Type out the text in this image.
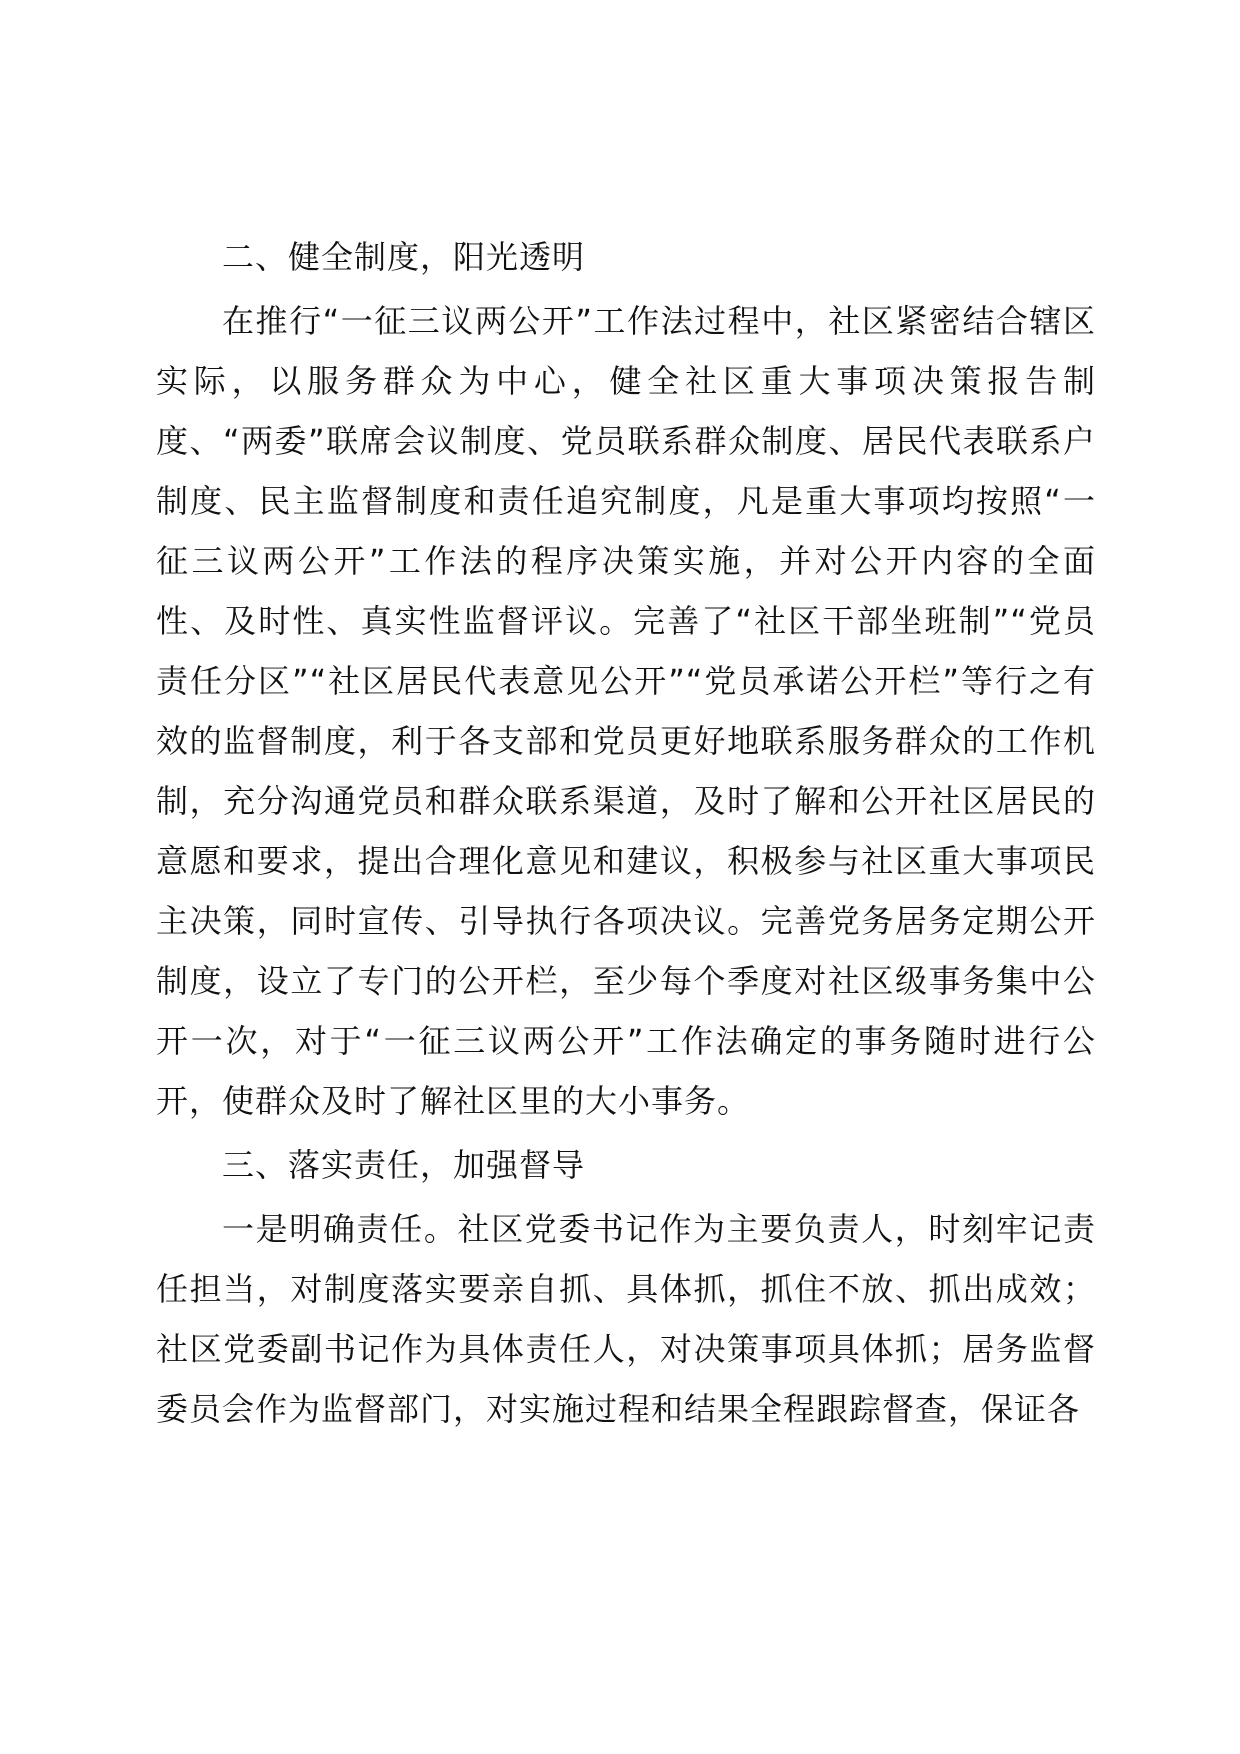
二、健全制度，阳光透明

在推行“一征三议两公开”工作法过程中，社区紧密结合辖区实际，以服务群众为中心，健全社区重大事项决策报告制度、“两委”联席会议制度、党员联系群众制度、居民代表联系户制度、民主监督制度和责任追究制度，凡是重大事项均按照“一征三议两公开”工作法的程序决策实施，并对公开内容的全面性、及时性、真实性监督评议。完善了“社区干部坐班制”“党员责任分区”“社区居民代表意见公开”“党员承诺公开栏”等行之有效的监督制度，利于各支部和党员更好地联系服务群众的工作机制，充分沟通党员和群众联系渠道，及时了解和公开社区居民的意愿和要求，提出合理化意见和建议，积极参与社区重大事项民主决策，同时宣传、引导执行各项决议。完善党务居务定期公开制度，设立了专门的公开栏，至少每个季度对社区级事务集中公开一次，对于“一征三议两公开”工作法确定的事务随时进行公开，使群众及时了解社区里的大小事务。

三、落实责任，加强督导

一是明确责任。社区党委书记作为主要负责人，时刻牢记责任担当，对制度落实要亲自抓、具体抓，抓住不放、抓出成效；社区党委副书记作为具体责任人，对决策事项具体抓；居务监督委员会作为监督部门，对实施过程和结果全程跟踪督查，保证各
